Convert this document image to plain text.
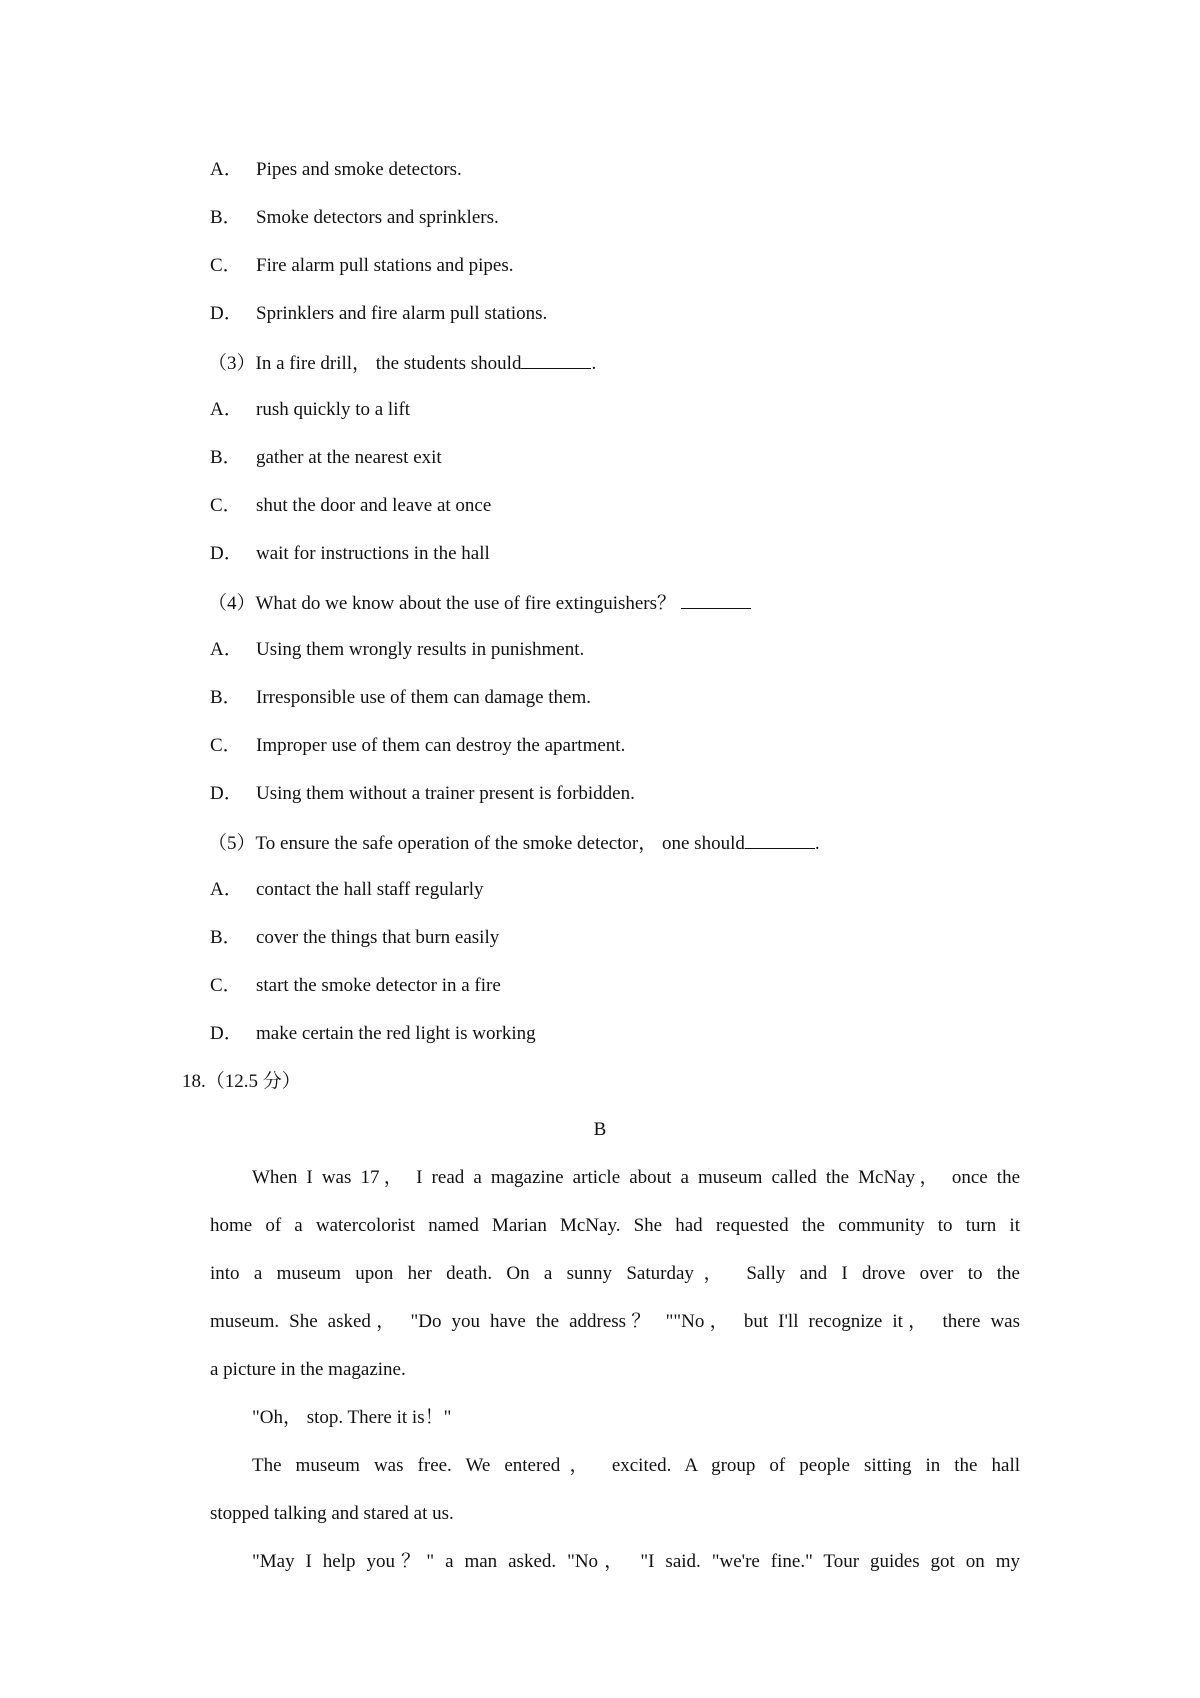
A． Pipes and smoke detectors.
B． Smoke detectors and sprinklers.
C． Fire alarm pull stations and pipes.
D． Sprinklers and fire alarm pull stations.
（3）In a fire drill， the students should	.
A． rush quickly to a lift
B． gather at the nearest exit
C． shut the door and leave at once
D． wait for instructions in the hall
（4）What do we know about the use of fire extinguishers？
A． Using them wrongly results in punishment.
B． Irresponsible use of them can damage them.
C． Improper use of them can destroy the apartment.
D． Using them without a trainer present is forbidden.
（5）To ensure the safe operation of the smoke detector， one should	.
A． contact the hall staff regularly
B． cover the things that burn easily
C． start the smoke detector in a fire
D． make certain the red light is working
18.（12.5 分）
B
When I was 17， I read a magazine article about a museum called the McNay， once the
home of a watercolorist named Marian McNay. She had requested the community to turn it
into a museum upon her death. On a sunny Saturday， Sally and I drove over to the
museum. She asked， "Do you have the address？ ""No， but I'll recognize it， there was
a picture in the magazine.
"Oh， stop. There it is！"
The museum was free. We entered， excited. A group of people sitting in the hall
stopped talking and stared at us.
"May I help you？" a man asked. "No， "I said. "we're fine." Tour guides got on my
